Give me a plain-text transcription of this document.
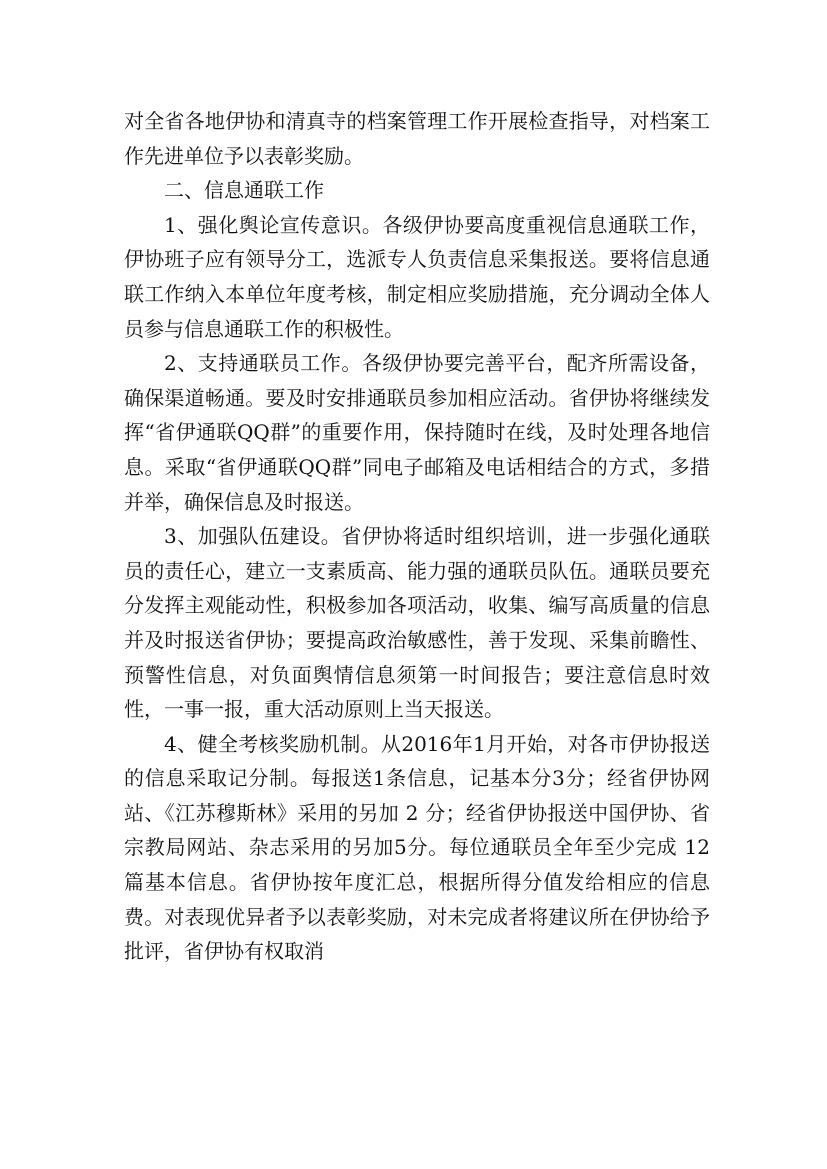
对全省各地伊协和清真寺的档案管理工作开展检查指导，对档案工作先进单位予以表彰奖励。

二、信息通联工作

1、强化舆论宣传意识。各级伊协要高度重视信息通联工作，伊协班子应有领导分工，选派专人负责信息采集报送。要将信息通联工作纳入本单位年度考核，制定相应奖励措施，充分调动全体人员参与信息通联工作的积极性。

2、支持通联员工作。各级伊协要完善平台，配齐所需设备，确保渠道畅通。要及时安排通联员参加相应活动。省伊协将继续发挥“省伊通联QQ群”的重要作用，保持随时在线，及时处理各地信息。采取“省伊通联QQ群”同电子邮箱及电话相结合的方式，多措并举，确保信息及时报送。

3、加强队伍建设。省伊协将适时组织培训，进一步强化通联员的责任心，建立一支素质高、能力强的通联员队伍。通联员要充分发挥主观能动性，积极参加各项活动，收集、编写高质量的信息并及时报送省伊协；要提高政治敏感性，善于发现、采集前瞻性、预警性信息，对负面舆情信息须第一时间报告；要注意信息时效性，一事一报，重大活动原则上当天报送。

4、健全考核奖励机制。从2016年1月开始，对各市伊协报送的信息采取记分制。每报送1条信息，记基本分3分；经省伊协网站、《江苏穆斯林》采用的另加 2 分；经省伊协报送中国伊协、省宗教局网站、杂志采用的另加5分。每位通联员全年至少完成 12 篇基本信息。省伊协按年度汇总，根据所得分值发给相应的信息费。对表现优异者予以表彰奖励，对未完成者将建议所在伊协给予批评，省伊协有权取消
